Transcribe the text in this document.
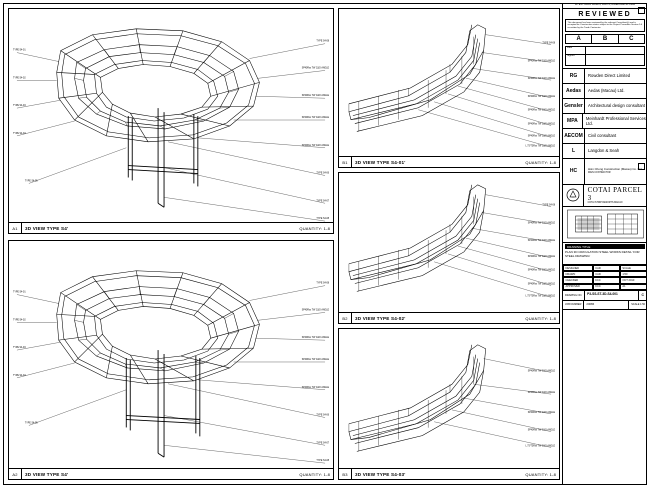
TYPE S4-01
TYPE S4-02
TYPE S4-03
TYPE S4-04
TYPE S4-05
TYPE S4-08
SP40Rxx TW C&O ANGLE
SP40Rxx TW C&O ANGLE
SP40Rxx TW C&O ANGLE
SP40Rxx TW C&O ANGLE
TYPE S4-06
TYPE S4-07
TYPE S4-08
A1	3D VIEW TYPE S4'	QUANTITY: 1-8
TYPE S4-01
TYPE S4-02
TYPE S4-03
TYPE S4-04
TYPE S4-05
TYPE S4-08
SP40Rxx TW C&O ANGLE
SP40Rxx TW C&O ANGLE
SP40Rxx TW C&O ANGLE
SP40Rxx TW C&O ANGLE
TYPE S4-06
TYPE S4-07
TYPE S4-08
A2	3D VIEW TYPE S4'	QUANTITY: 1-8
TYPE S4-08
SP40Rxx TW C&O ANGLE
SP40Rxx TW C&O ANGLE
SP40Rxx TW C&O ANGLE
SP40Rxx TW C&O ANGLE
SP40Rxx TW C&O ANGLE
SP40Rxx TW C&O ANGLE
L 75*75Rxx TW C&O ANGLE
B1	3D VIEW TYPE S4-01'	QUANTITY: 1-8
TYPE S4-08
SP40Rxx TW C&O ANGLE
SP40Rxx TW C&O ANGLE
SP40Rxx TW C&O ANGLE
SP40Rxx TW C&O ANGLE
SP40Rxx TW C&O ANGLE
L 75*75Rxx TW C&O ANGLE
B2	3D VIEW TYPE S4-02'	QUANTITY: 1-8
SP40Rxx TW C&O ANGLE
SP40Rxx TW C&O ANGLE
SP40Rxx TW C&O ANGLE
SP40Rxx TW C&O ANGLE
L 75*75Rxx TW C&O ANGLE
B3	3D VIEW TYPE S4-03'	QUANTITY: 1-8
1F. EST. BLDG WORKS, PART A, ANNEXURE 3D VIEW
REVIEWED
This document has been reviewed by the relevant Consultant(s) and is accepted for Construction status subject to the Project Procedure Section 5.4 as written by the Trade Contractor.
A	B	C
Date
Signed
RG	Rowden Direct Limited
Aedas	Aedas (Macau) Ltd.
Gensler	Architectural design consultant
MPA	Meinhardt Professional Services Ltd.
AECOM	Civil consultant
L	Langdon & Seah
HC	Hsin Chong Construction (Macau) Co. Ltd.
MAIN CONTRACTOR
COTAI PARCEL 3
COTAI STRIP RESORTS MACAO
DRAWING TITLE
PLAN 3D CIRCULATION STEEL WORKS DETAIL 'FOR STEEL DRAWING'
DESIGNED	CAD	SCALE
DRAWN	CAD	1:50
CHECKED	KCC	OCT 2010
APPROVED	KCC	A1
DRAWING NO.	P3-SS-ST-3D-S4-001	C
JOB NUMBER	20086	SCALE 1:50
